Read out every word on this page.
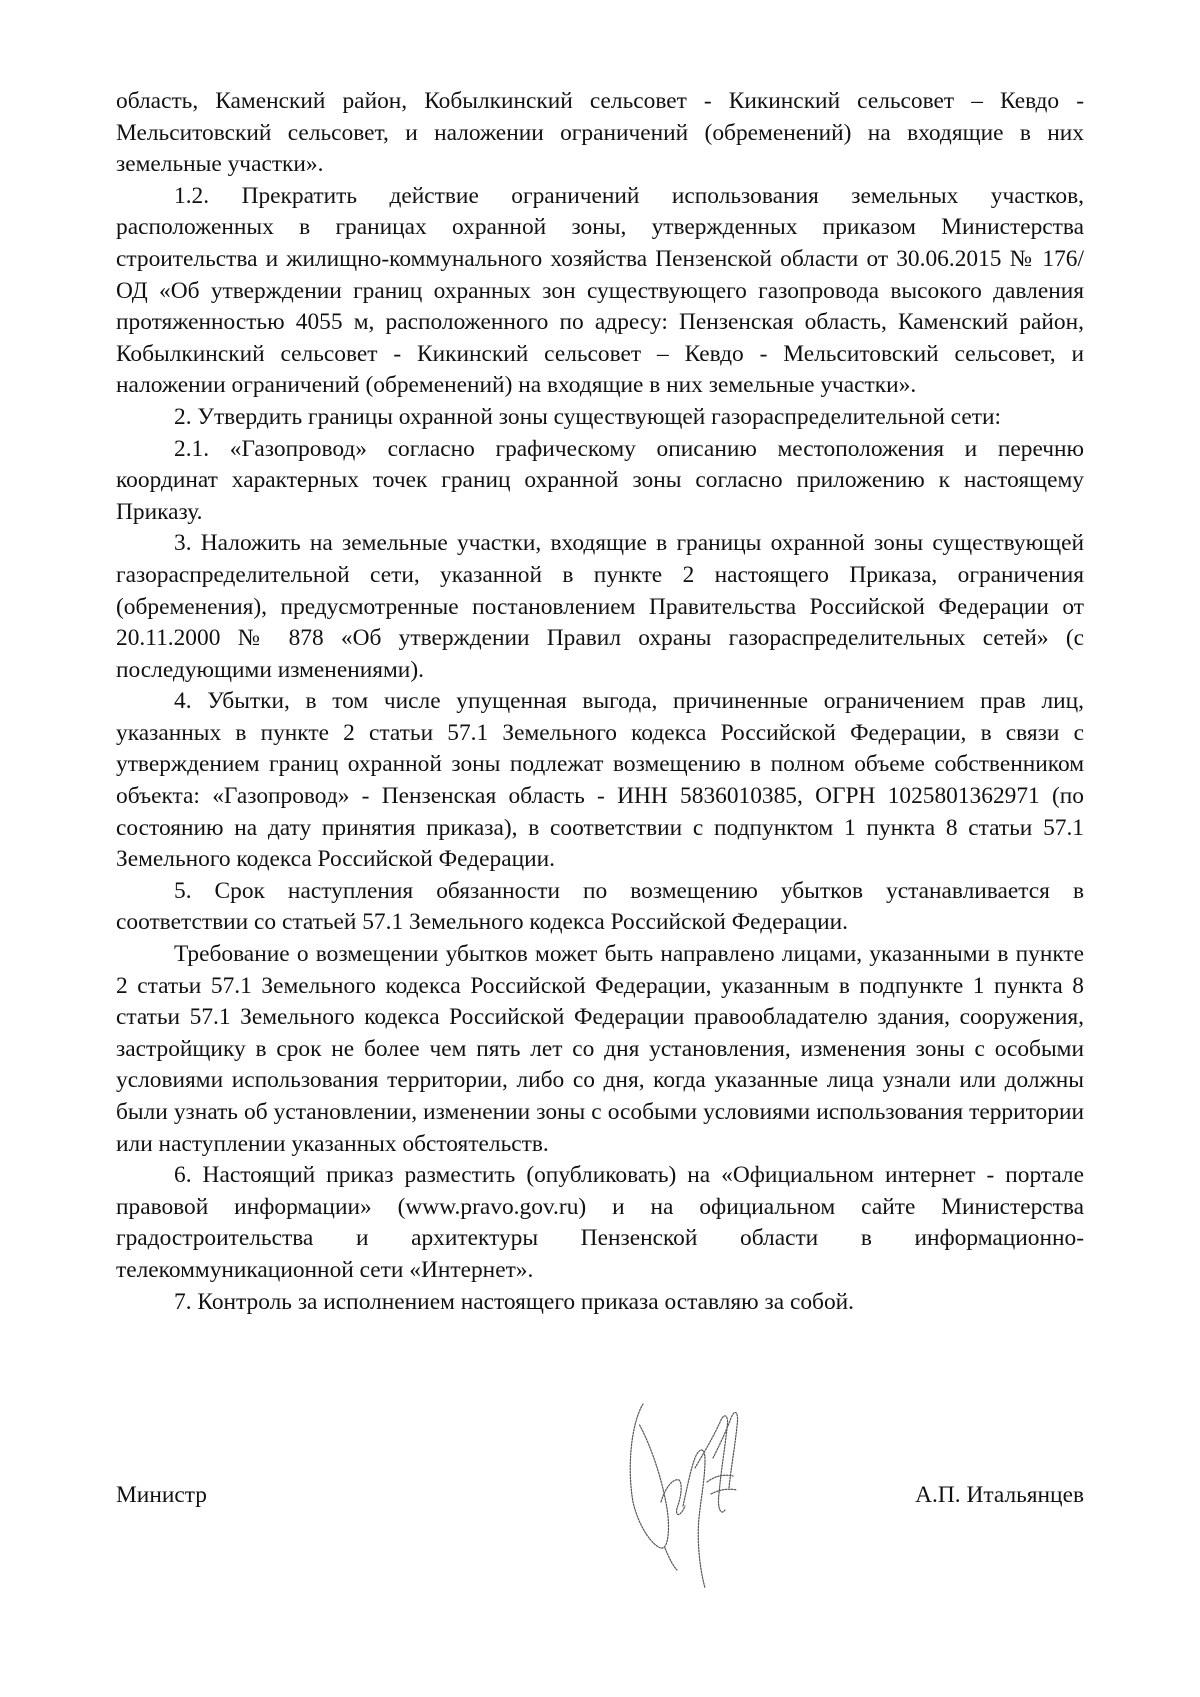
область, Каменский район, Кобылкинский сельсовет - Кикинский сельсовет – Кевдо - Мельситовский сельсовет, и наложении ограничений (обременений) на входящие в них земельные участки».

1.2. Прекратить действие ограничений использования земельных участков, расположенных в границах охранной зоны, утвержденных приказом Министерства строительства и жилищно-коммунального хозяйства Пензенской области от 30.06.2015 № 176/ОД «Об утверждении границ охранных зон существующего газопровода высокого давления протяженностью 4055 м, расположенного по адресу: Пензенская область, Каменский район, Кобылкинский сельсовет - Кикинский сельсовет – Кевдо - Мельситовский сельсовет, и наложении ограничений (обременений) на входящие в них земельные участки».

2. Утвердить границы охранной зоны существующей газораспределительной сети:

2.1. «Газопровод» согласно графическому описанию местоположения и перечню координат характерных точек границ охранной зоны согласно приложению к настоящему Приказу.

3. Наложить на земельные участки, входящие в границы охранной зоны существующей газораспределительной сети, указанной в пункте 2 настоящего Приказа, ограничения (обременения), предусмотренные постановлением Правительства Российской Федерации от 20.11.2000 № 878 «Об утверждении Правил охраны газораспределительных сетей» (с последующими изменениями).

4. Убытки, в том числе упущенная выгода, причиненные ограничением прав лиц, указанных в пункте 2 статьи 57.1 Земельного кодекса Российской Федерации, в связи с утверждением границ охранной зоны подлежат возмещению в полном объеме собственником объекта: «Газопровод» - Пензенская область - ИНН 5836010385, ОГРН 1025801362971 (по состоянию на дату принятия приказа), в соответствии с подпунктом 1 пункта 8 статьи 57.1 Земельного кодекса Российской Федерации.

5. Срок наступления обязанности по возмещению убытков устанавливается в соответствии со статьей 57.1 Земельного кодекса Российской Федерации.

Требование о возмещении убытков может быть направлено лицами, указанными в пункте 2 статьи 57.1 Земельного кодекса Российской Федерации, указанным в подпункте 1 пункта 8 статьи 57.1 Земельного кодекса Российской Федерации правообладателю здания, сооружения, застройщику в срок не более чем пять лет со дня установления, изменения зоны с особыми условиями использования территории, либо со дня, когда указанные лица узнали или должны были узнать об установлении, изменении зоны с особыми условиями использования территории или наступлении указанных обстоятельств.

6. Настоящий приказ разместить (опубликовать) на «Официальном интернет - портале правовой информации» (www.pravo.gov.ru) и на официальном сайте Министерства градостроительства и архитектуры Пензенской области в информационно-телекоммуникационной сети «Интернет».

7. Контроль за исполнением настоящего приказа оставляю за собой.

Министр	А.П. Итальянцев
